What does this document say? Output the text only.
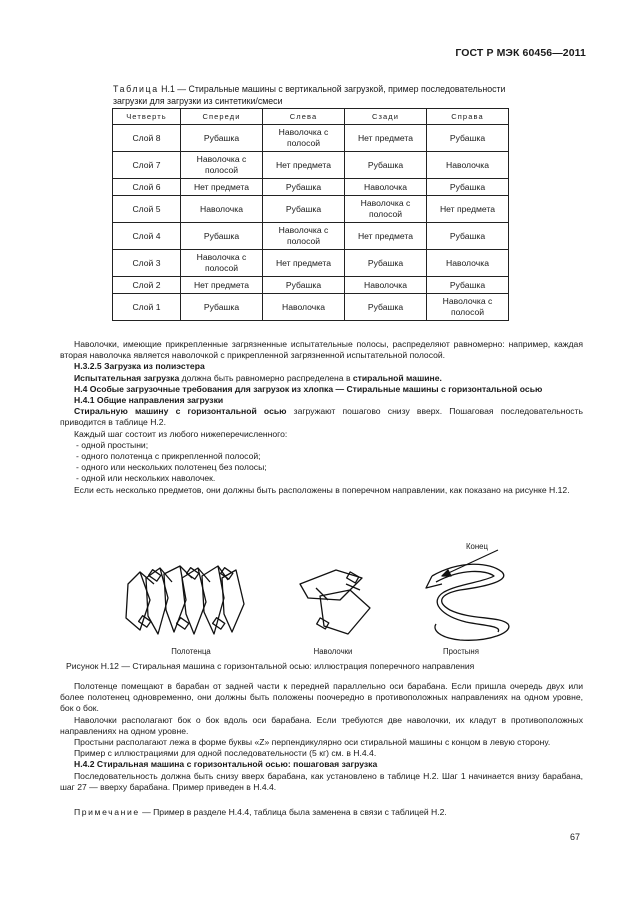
ГОСТ Р МЭК 60456—2011
Таблица Н.1 — Стиральные машины с вертикальной загрузкой, пример последовательности загрузки для загрузки из синтетики/смеси
Четверть	Спереди	Слева	Сзади	Справа
Слой 8	Рубашка	Наволочка с полосой	Нет предмета	Рубашка
Слой 7	Наволочка с полосой	Нет предмета	Рубашка	Наволочка
Слой 6	Нет предмета	Рубашка	Наволочка	Рубашка
Слой 5	Наволочка	Рубашка	Наволочка с полосой	Нет предмета
Слой 4	Рубашка	Наволочка с полосой	Нет предмета	Рубашка
Слой 3	Наволочка с полосой	Нет предмета	Рубашка	Наволочка
Слой 2	Нет предмета	Рубашка	Наволочка	Рубашка
Слой 1	Рубашка	Наволочка	Рубашка	Наволочка с полосой

Наволочки, имеющие прикрепленные загрязненные испытательные полосы, распределяют равномерно: например, каждая вторая наволочка является наволочкой с прикрепленной загрязненной испытательной полосой.

Н.3.2.5 Загрузка из полиэстера

Испытательная загрузка должна быть равномерно распределена в стиральной машине.

Н.4 Особые загрузочные требования для загрузок из хлопка — Стиральные машины с горизонтальной осью

Н.4.1 Общие направления загрузки

Стиральную машину с горизонтальной осью загружают пошагово снизу вверх. Пошаговая последовательность приводится в таблице Н.2.

Каждый шаг состоит из любого нижеперечисленного:

- одной простыни;
- одного полотенца с прикрепленной полосой;
- одного или нескольких полотенец без полосы;
- одной или нескольких наволочек.

Если есть несколько предметов, они должны быть расположены в поперечном направлении, как показано на рисунке Н.12.

Конец
Полотенца	Наволочки	Простыня
Рисунок Н.12 — Стиральная машина с горизонтальной осью: иллюстрация поперечного направления

Полотенце помещают в барабан от задней части к передней параллельно оси барабана. Если пришла очередь двух или более полотенец одновременно, они должны быть положены поочередно в противоположных направлениях на одном уровне, бок о бок.

Наволочки располагают бок о бок вдоль оси барабана. Если требуются две наволочки, их кладут в противоположных направлениях на одном уровне.

Простыни располагают лежа в форме буквы «Z» перпендикулярно оси стиральной машины с концом в левую сторону.

Пример с иллюстрациями для одной последовательности (5 кг) см. в Н.4.4.

Н.4.2 Стиральная машина с горизонтальной осью: пошаговая загрузка

Последовательность должна быть снизу вверх барабана, как установлено в таблице Н.2. Шаг 1 начинается внизу барабана, шаг 27 — вверху барабана. Пример приведен в Н.4.4.

Примечание — Пример в разделе Н.4.4, таблица была заменена в связи с таблицей Н.2.
67
